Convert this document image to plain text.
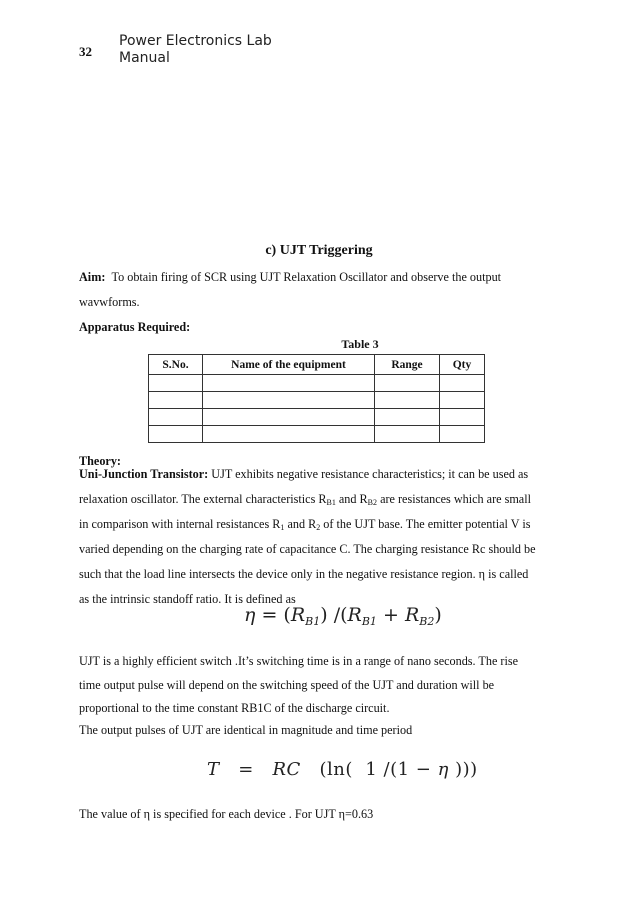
32
Power Electronics Lab
Manual
c) UJT Triggering
Aim: To obtain firing of SCR using UJT Relaxation Oscillator and observe the output
wavwforms.
Apparatus Required:
Table 3
S.No.	Name of the equipment	Range	Qty

Theory:
Uni-Junction Transistor: UJT exhibits negative resistance characteristics; it can be used as
relaxation oscillator. The external characteristics $R_{B1}$ and $R_{B2}$ are resistances which are small
in comparison with internal resistances $R_1$ and $R_2$ of the UJT base. The emitter potential V is
varied depending on the charging rate of capacitance C. The charging resistance Rc should be
such that the load line intersects the device only in the negative resistance region. η is called
as the intrinsic standoff ratio. It is defined as
$\eta = (R_{B1}) /(R_{B1} + R_{B2})$
UJT is a highly efficient switch .It’s switching time is in a range of nano seconds. The rise
time output pulse will depend on the switching speed of the UJT and duration will be
proportional to the time constant RB1C of the discharge circuit.
The output pulses of UJT are identical in magnitude and time period
T = RC (ln( 1 /(1 − η )))
The value of η is specified for each device . For UJT η=0.63
